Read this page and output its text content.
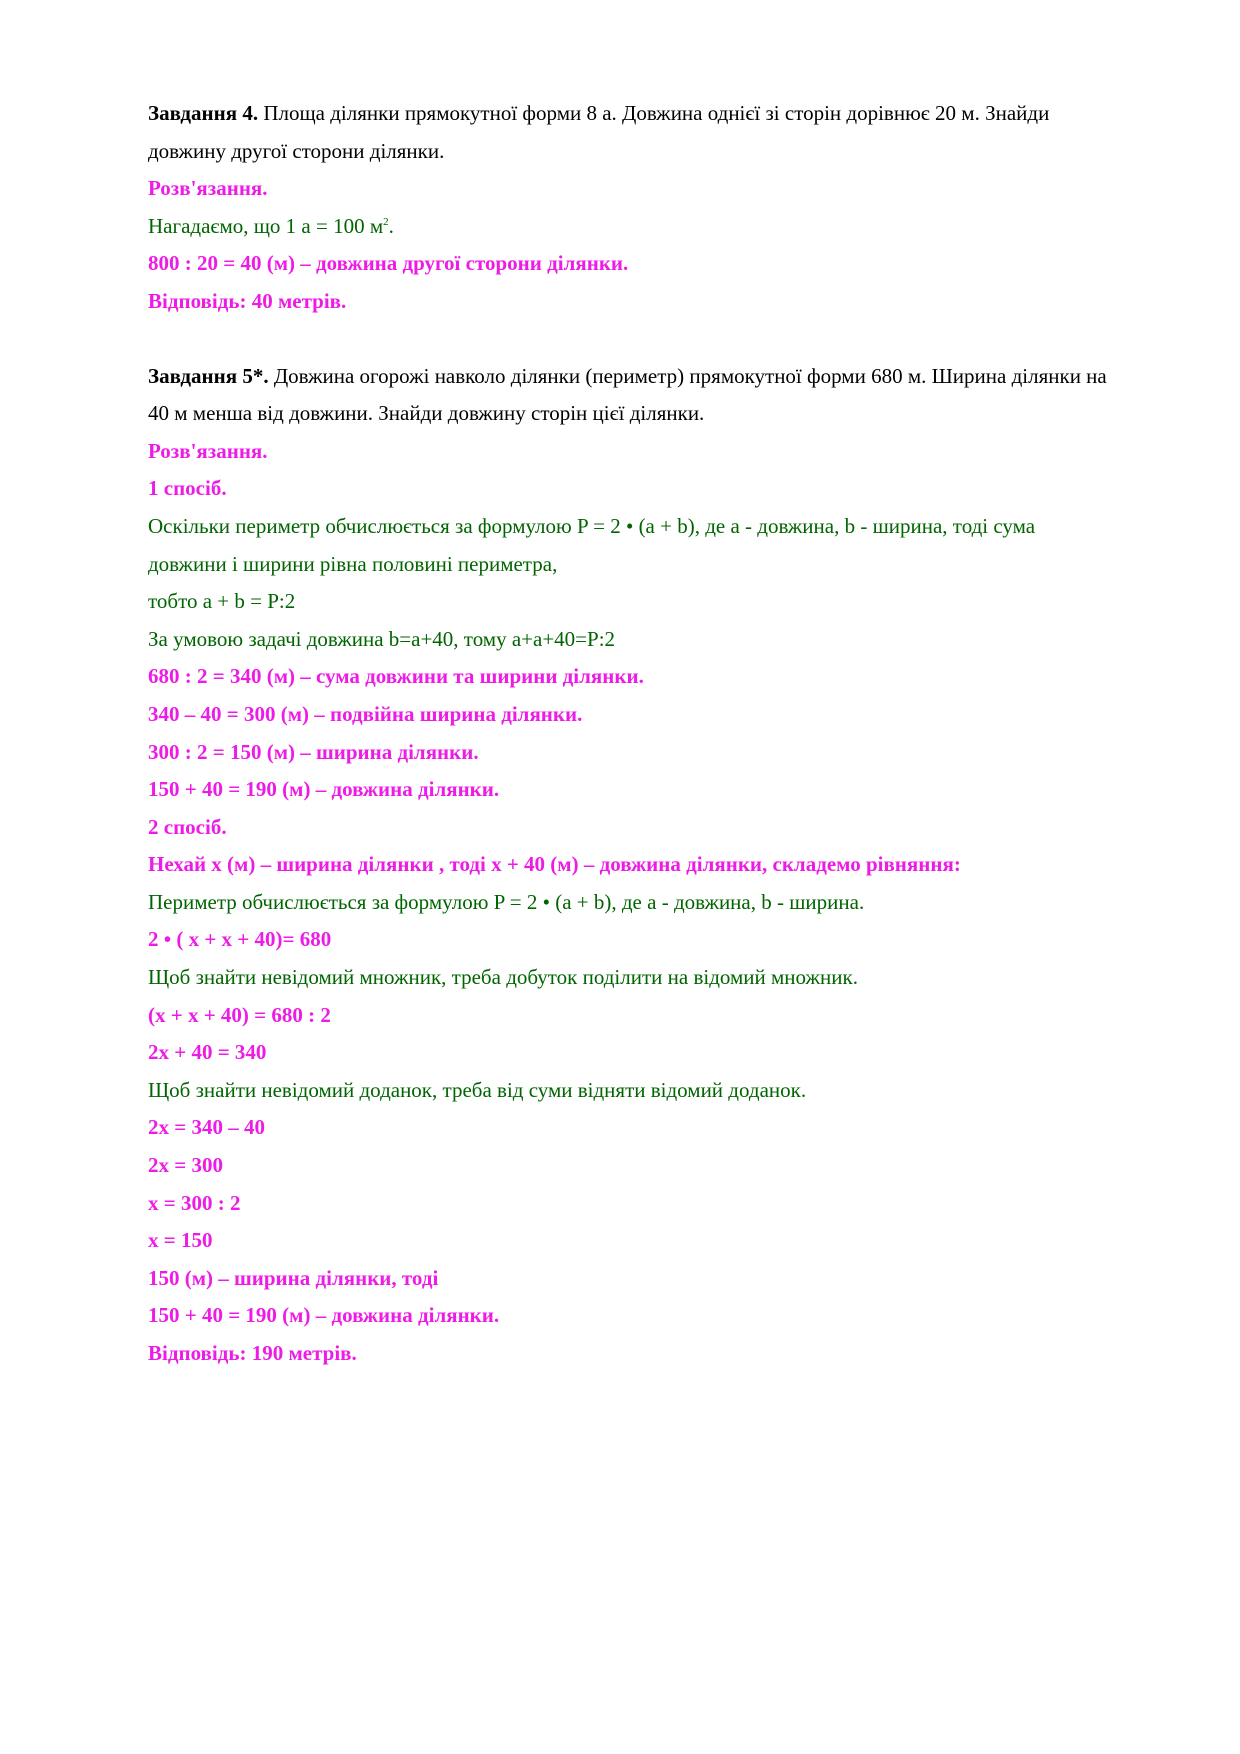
Завдання 4. Площа ділянки прямокутної форми 8 а. Довжина однієї зі сторін дорівнює 20 м. Знайди
довжину другої сторони ділянки.
Розв'язання.
Нагадаємо, що 1 а = 100 $м^2$.
800 : 20 = 40 (м) – довжина другої сторони ділянки.
Відповідь: 40 метрів.
Завдання 5*. Довжина огорожі навколо ділянки (периметр) прямокутної форми 680 м. Ширина ділянки на
40 м менша від довжини. Знайди довжину сторін цієї ділянки.
Розв'язання.
1 спосіб.
Оскільки периметр обчислюється за формулою P = 2 • (a + b), де a - довжина, b - ширина, тоді сума
довжини і ширини рівна половині периметра,
тобто a + b = P:2
За умовою задачі довжина b=a+40, тому a+a+40=P:2
680 : 2 = 340 (м) – сума довжини та ширини ділянки.
340 – 40 = 300 (м) – подвійна ширина ділянки.
300 : 2 = 150 (м) – ширина ділянки.
150 + 40 = 190 (м) – довжина ділянки.
2 спосіб.
Нехай х (м) – ширина ділянки , тоді х + 40 (м) – довжина ділянки, складемо рівняння:
Периметр обчислюється за формулою P = 2 • (a + b), де a - довжина, b - ширина.
2 • ( х + х + 40)= 680
Щоб знайти невідомий множник, треба добуток поділити на відомий множник.
(х + х + 40) = 680 : 2
2х + 40 = 340
Щоб знайти невідомий доданок, треба від суми відняти відомий доданок.
2х = 340 – 40
2х = 300
х = 300 : 2
х = 150
150 (м) – ширина ділянки, тоді
150 + 40 = 190 (м) – довжина ділянки.
Відповідь: 190 метрів.
